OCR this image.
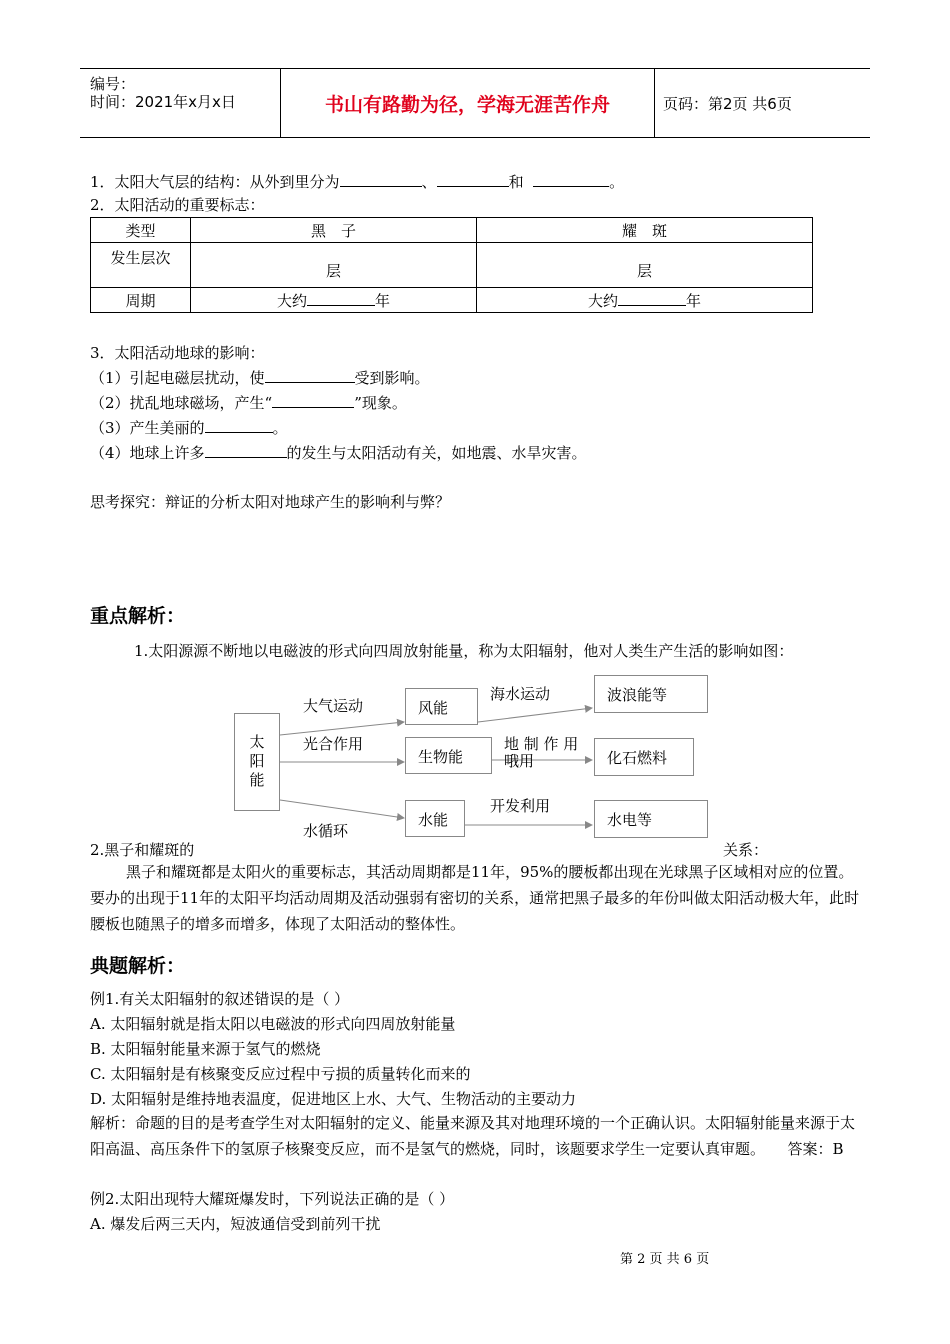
编号：
时间：2021年x月x日	书山有路勤为径，学海无涯苦作舟	页码：第2页 共6页
1．太阳大气层的结构：从外到里分为	、	和	。
2．太阳活动的重要标志：
类型	黑　子	耀　斑
发生层次	层	层
周期	大约 年	大约 年
3．太阳活动地球的影响：
（1）引起电磁层扰动，使	受到影响。
（2）扰乱地球磁场，产生“	”现象。
（3）产生美丽的	。
（4）地球上许多	的发生与太阳活动有关，如地震、水旱灾害。
思考探究：辩证的分析太阳对地球产生的影响利与弊？
重点解析：
1.太阳源源不断地以电磁波的形式向四周放射能量，称为太阳辐射，他对人类生产生活的影响如图：
太阳能
风能
生物能
水能
波浪能等
化石燃料
水电等
大气运动
光合作用
水循环
海水运动
地 制 作 用
哦用
开发利用
2.黑子和耀斑的	关系：
黑子和耀斑都是太阳火的重要标志，其活动周期都是11年，95%的腰板都出现在光球黑子区域相对应的位置。要办的出现于11年的太阳平均活动周期及活动强弱有密切的关系，通常把黑子最多的年份叫做太阳活动极大年，此时腰板也随黑子的增多而增多，体现了太阳活动的整体性。
典题解析：
例1.有关太阳辐射的叙述错误的是（ ）
A. 太阳辐射就是指太阳以电磁波的形式向四周放射能量
B. 太阳辐射能量来源于氢气的燃烧
C. 太阳辐射是有核聚变反应过程中亏损的质量转化而来的
D. 太阳辐射是维持地表温度，促进地区上水、大气、生物活动的主要动力
解析：命题的目的是考查学生对太阳辐射的定义、能量来源及其对地理环境的一个正确认识。太阳辐射能量来源于太阳高温、高压条件下的氢原子核聚变反应，而不是氢气的燃烧，同时，该题要求学生一定要认真审题。　　答案：B
例2.太阳出现特大耀斑爆发时，下列说法正确的是（ ）
A. 爆发后两三天内，短波通信受到前列干扰
第 2 页 共 6 页
